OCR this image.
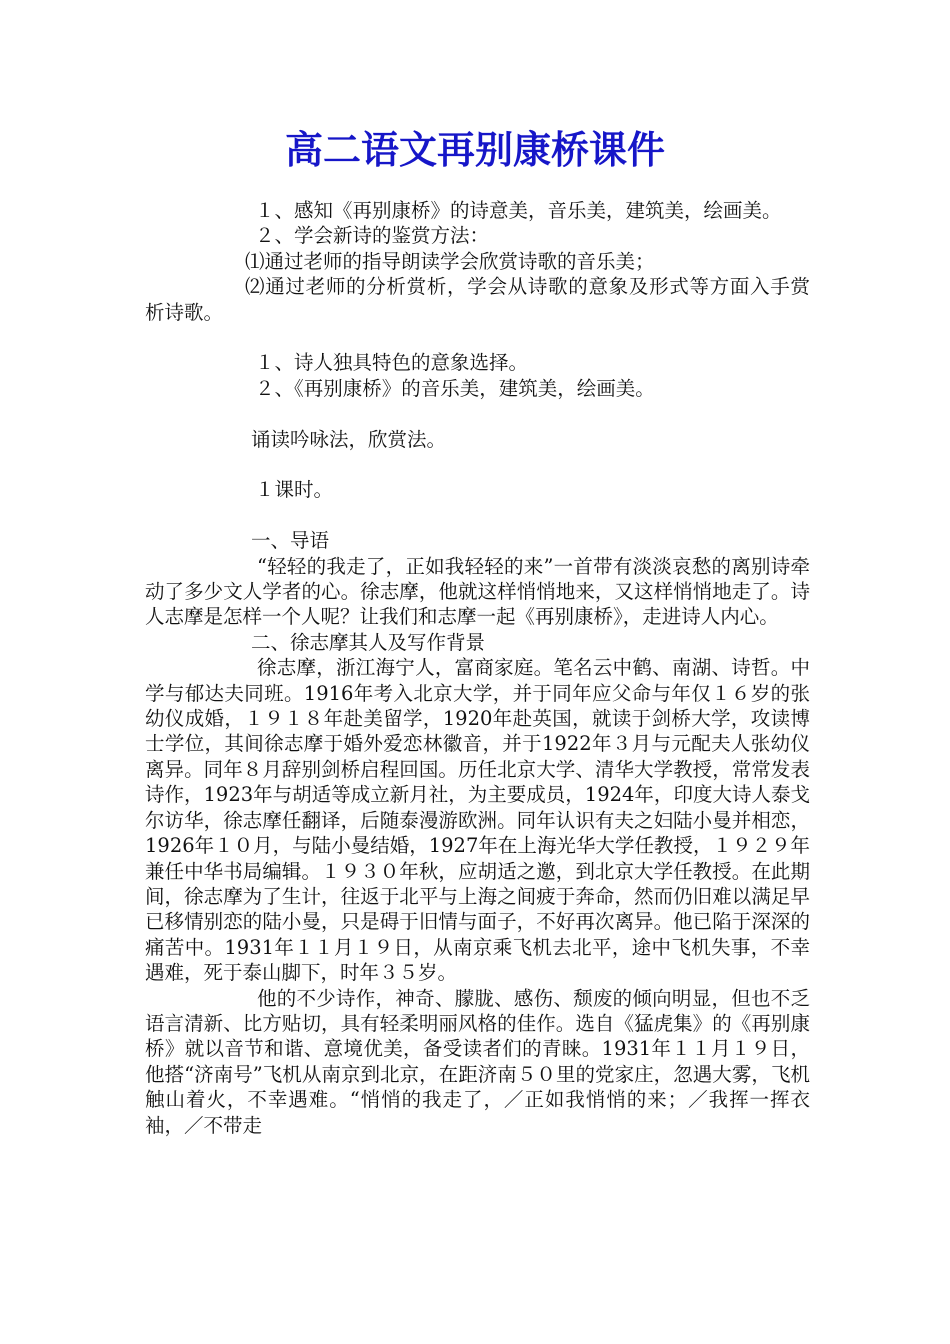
高二语文再别康桥课件

１、感知《再别康桥》的诗意美，音乐美，建筑美，绘画美。

２、学会新诗的鉴赏方法：

⑴通过老师的指导朗读学会欣赏诗歌的音乐美；

⑵通过老师的分析赏析，学会从诗歌的意象及形式等方面入手赏析诗歌。

１、诗人独具特色的意象选择。

２、《再别康桥》的音乐美，建筑美，绘画美。

诵读吟咏法，欣赏法。

１课时。

一、导语

“轻轻的我走了，正如我轻轻的来”一首带有淡淡哀愁的离别诗牵动了多少文人学者的心。徐志摩，他就这样悄悄地来，又这样悄悄地走了。诗人志摩是怎样一个人呢？让我们和志摩一起《再别康桥》，走进诗人内心。

二、徐志摩其人及写作背景

徐志摩，浙江海宁人，富商家庭。笔名云中鹤、南湖、诗哲。中学与郁达夫同班。1916年考入北京大学，并于同年应父命与年仅１６岁的张幼仪成婚，１９１８年赴美留学，1920年赴英国，就读于剑桥大学，攻读博士学位，其间徐志摩于婚外爱恋林徽音，并于1922年３月与元配夫人张幼仪离异。同年８月辞别剑桥启程回国。历任北京大学、清华大学教授，常常发表诗作，1923年与胡适等成立新月社，为主要成员，1924年，印度大诗人泰戈尔访华，徐志摩任翻译，后随泰漫游欧洲。同年认识有夫之妇陆小曼并相恋，1926年１０月，与陆小曼结婚，1927年在上海光华大学任教授，１９２９年兼任中华书局编辑。１９３０年秋，应胡适之邀，到北京大学任教授。在此期间，徐志摩为了生计，往返于北平与上海之间疲于奔命，然而仍旧难以满足早已移情别恋的陆小曼，只是碍于旧情与面子，不好再次离异。他已陷于深深的痛苦中。1931年１１月１９日，从南京乘飞机去北平，途中飞机失事，不幸遇难，死于泰山脚下，时年３５岁。

他的不少诗作，神奇、朦胧、感伤、颓废的倾向明显，但也不乏语言清新、比方贴切，具有轻柔明丽风格的佳作。选自《猛虎集》的《再别康桥》就以音节和谐、意境优美，备受读者们的青睐。1931年１１月１９日，他搭“济南号”飞机从南京到北京，在距济南５０里的党家庄，忽遇大雾，飞机触山着火，不幸遇难。“悄悄的我走了，／正如我悄悄的来；／我挥一挥衣袖，／不带走
